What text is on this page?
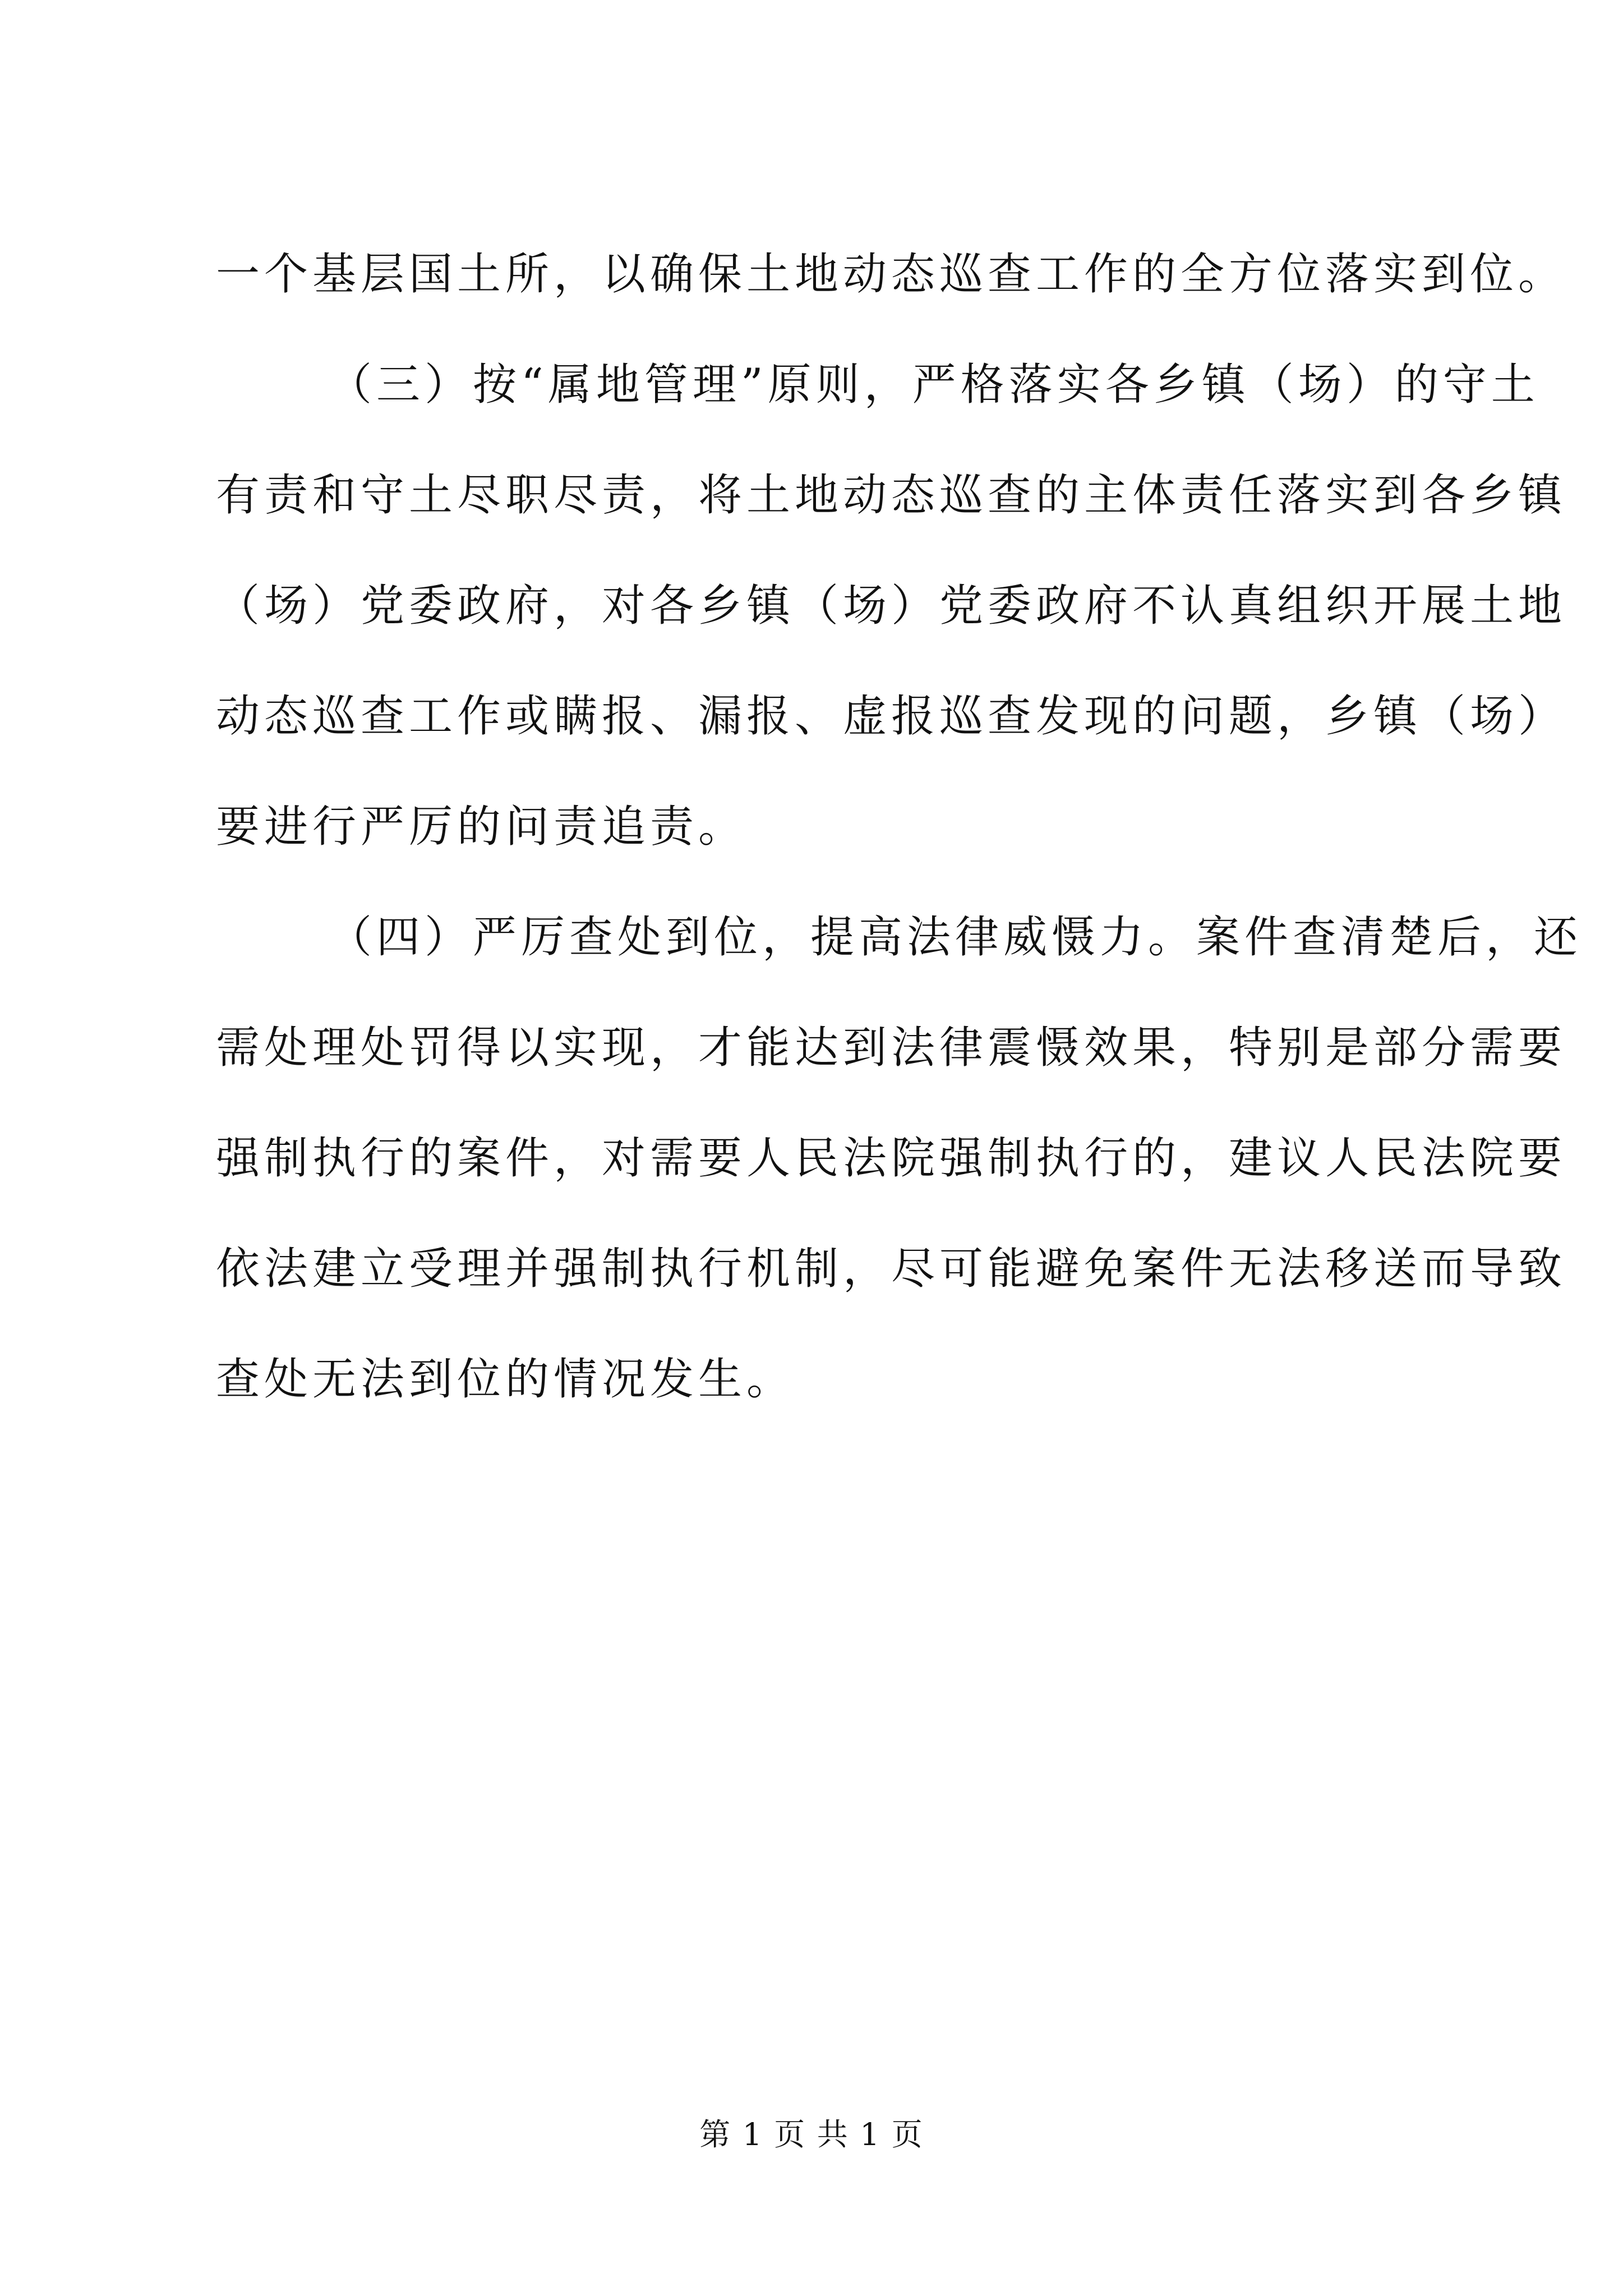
一个基层国土所，以确保土地动态巡查工作的全方位落实到位。
（三）按“属地管理”原则，严格落实各乡镇（场）的守土
有责和守土尽职尽责，将土地动态巡查的主体责任落实到各乡镇
（场）党委政府，对各乡镇（场）党委政府不认真组织开展土地
动态巡查工作或瞒报、漏报、虚报巡查发现的问题，乡镇（场）
要进行严厉的问责追责。
（四）严厉查处到位，提高法律威慑力。案件查清楚后，还
需处理处罚得以实现，才能达到法律震慑效果，特别是部分需要
强制执行的案件，对需要人民法院强制执行的，建议人民法院要
依法建立受理并强制执行机制，尽可能避免案件无法移送而导致
查处无法到位的情况发生。
第 1 页 共 1 页
